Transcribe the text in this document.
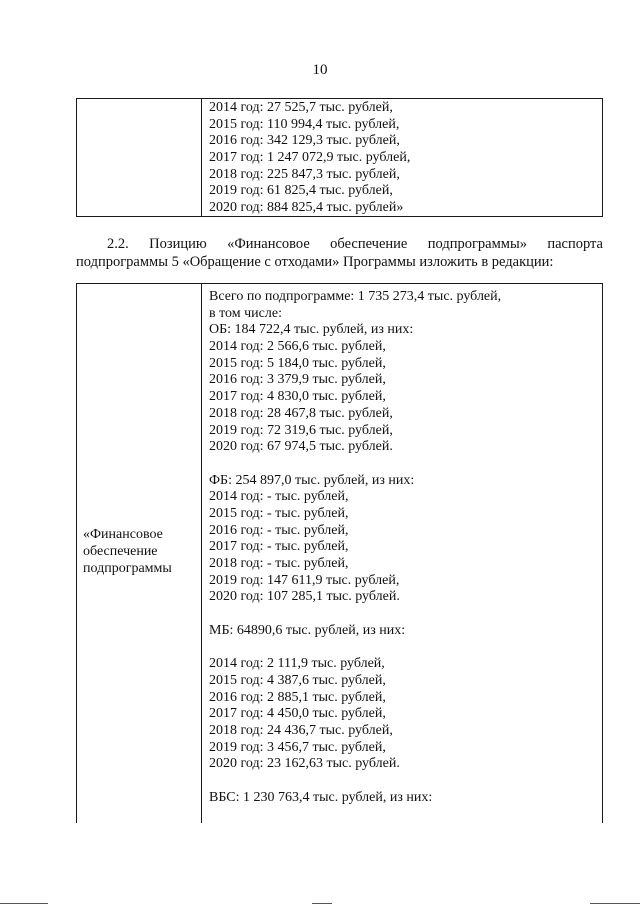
10
2014 год: 27 525,7 тыс. рублей,
2015 год: 110 994,4 тыс. рублей,
2016 год: 342 129,3 тыс. рублей,
2017 год: 1 247 072,9 тыс. рублей,
2018 год: 225 847,3 тыс. рублей,
2019 год: 61 825,4 тыс. рублей,
2020 год: 884 825,4 тыс. рублей»
2.2. Позицию «Финансовое обеспечение подпрограммы» паспорта
подпрограммы 5 «Обращение с отходами» Программы изложить в редакции:
«Финансовое
обеспечение
подпрограммы
Всего по подпрограмме: 1 735 273,4 тыс. рублей,
в том числе:
ОБ: 184 722,4 тыс. рублей, из них:
2014 год: 2 566,6 тыс. рублей,
2015 год: 5 184,0 тыс. рублей,
2016 год: 3 379,9 тыс. рублей,
2017 год: 4 830,0 тыс. рублей,
2018 год: 28 467,8 тыс. рублей,
2019 год: 72 319,6 тыс. рублей,
2020 год: 67 974,5 тыс. рублей.
ФБ: 254 897,0 тыс. рублей, из них:
2014 год: - тыс. рублей,
2015 год: - тыс. рублей,
2016 год: - тыс. рублей,
2017 год: - тыс. рублей,
2018 год: - тыс. рублей,
2019 год: 147 611,9 тыс. рублей,
2020 год: 107 285,1 тыс. рублей.
МБ: 64890,6 тыс. рублей, из них:
2014 год: 2 111,9 тыс. рублей,
2015 год: 4 387,6 тыс. рублей,
2016 год: 2 885,1 тыс. рублей,
2017 год: 4 450,0 тыс. рублей,
2018 год: 24 436,7 тыс. рублей,
2019 год: 3 456,7 тыс. рублей,
2020 год: 23 162,63 тыс. рублей.
ВБС: 1 230 763,4 тыс. рублей, из них:
